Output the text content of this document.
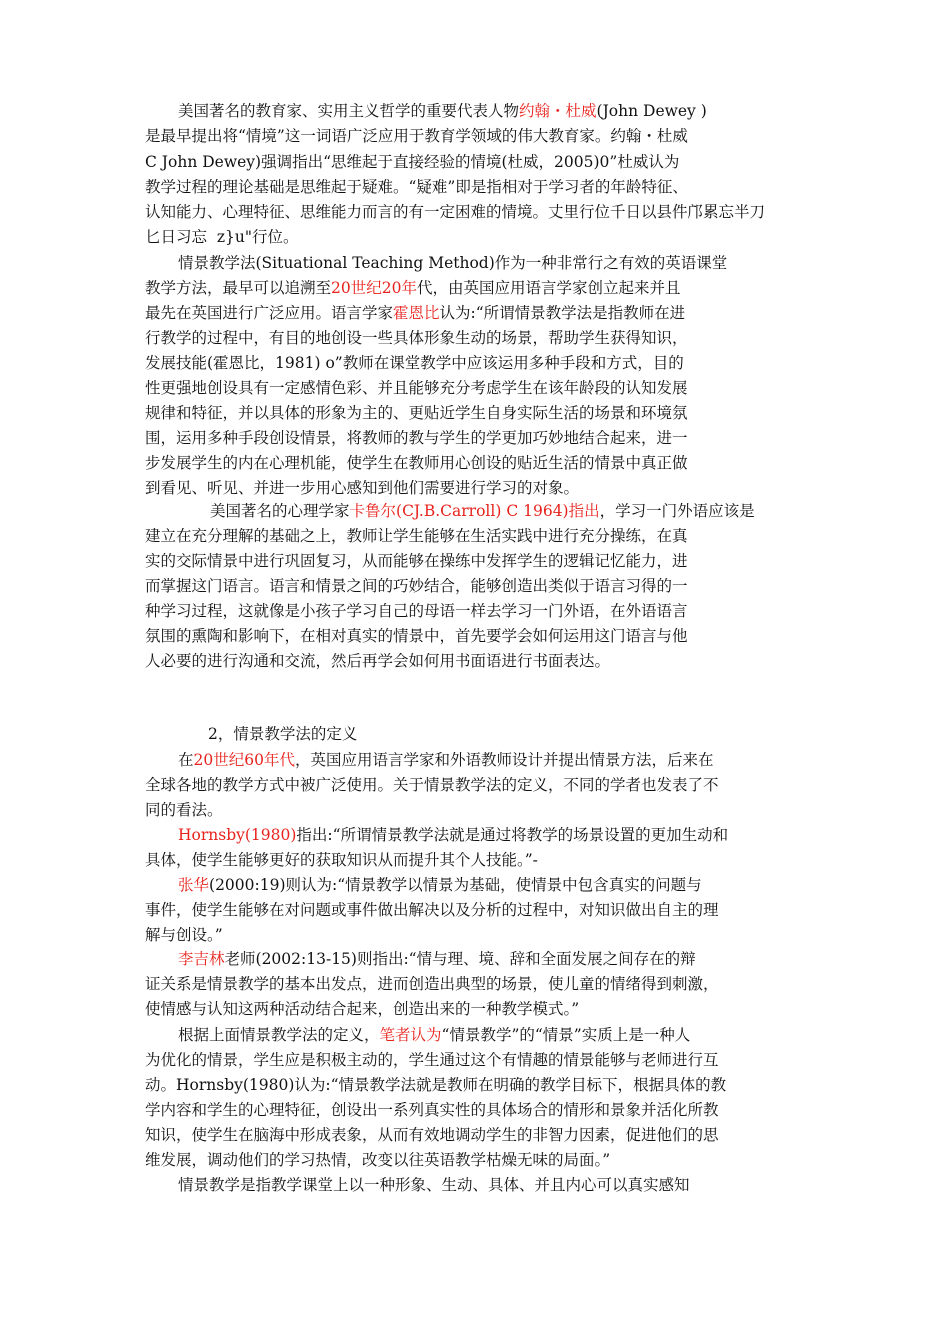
美国著名的教育家、实用主义哲学的重要代表人物约翰・杜威(John Dewey )
是最早提出将“情境”这一词语广泛应用于教育学领域的伟大教育家。约翰・杜威
C John Dewey)强调指出“思维起于直接经验的情境(杜威，2005)0”杜威认为
教学过程的理论基础是思维起于疑难。“疑难”即是指相对于学习者的年龄特征、
认知能力、心理特征、思维能力而言的有一定困难的情境。丈里行位千日以县件邝累忘半刀
匕日习忘  z}u"行位。
情景教学法(Situational Teaching Method)作为一种非常行之有效的英语课堂
教学方法，最早可以追溯至20世纪20年代，由英国应用语言学家创立起来并且
最先在英国进行广泛应用。语言学家霍恩比认为:“所谓情景教学法是指教师在进
行教学的过程中，有目的地创设一些具体形象生动的场景，帮助学生获得知识，
发展技能(霍恩比，1981) o”教师在课堂教学中应该运用多种手段和方式，目的
性更强地创设具有一定感情色彩、并且能够充分考虑学生在该年龄段的认知发展
规律和特征，并以具体的形象为主的、更贴近学生自身实际生活的场景和环境氛
围，运用多种手段创设情景，将教师的教与学生的学更加巧妙地结合起来，进一
步发展学生的内在心理机能，使学生在教师用心创设的贴近生活的情景中真正做
到看见、听见、并进一步用心感知到他们需要进行学习的对象。
美国著名的心理学家卡鲁尔(CJ.B.Carroll) C 1964)指出，学习一门外语应该是
建立在充分理解的基础之上，教师让学生能够在生活实践中进行充分操练，在真
实的交际情景中进行巩固复习，从而能够在操练中发挥学生的逻辑记忆能力，进
而掌握这门语言。语言和情景之间的巧妙结合，能够创造出类似于语言习得的一
种学习过程，这就像是小孩子学习自己的母语一样去学习一门外语，在外语语言
氛围的熏陶和影响下，在相对真实的情景中，首先要学会如何运用这门语言与他
人必要的进行沟通和交流，然后再学会如何用书面语进行书面表达。
2，情景教学法的定义
在20世纪60年代，英国应用语言学家和外语教师设计并提出情景方法，后来在
全球各地的教学方式中被广泛使用。关于情景教学法的定义，不同的学者也发表了不
同的看法。
Hornsby(1980)指出:“所谓情景教学法就是通过将教学的场景设置的更加生动和
具体，使学生能够更好的获取知识从而提升其个人技能。”-
张华(2000:19)则认为:“情景教学以情景为基础，使情景中包含真实的问题与
事件，使学生能够在对问题或事件做出解决以及分析的过程中，对知识做出自主的理
解与创设。”
李吉林老师(2002:13-15)则指出:“情与理、境、辞和全面发展之间存在的辩
证关系是情景教学的基本出发点，进而创造出典型的场景，使儿童的情绪得到刺激，
使情感与认知这两种活动结合起来，创造出来的一种教学模式。”
根据上面情景教学法的定义，笔者认为“情景教学”的“情景”实质上是一种人
为优化的情景，学生应是积极主动的，学生通过这个有情趣的情景能够与老师进行互
动。Hornsby(1980)认为:“情景教学法就是教师在明确的教学目标下，根据具体的教
学内容和学生的心理特征，创设出一系列真实性的具体场合的情形和景象并活化所教
知识，使学生在脑海中形成表象，从而有效地调动学生的非智力因素，促进他们的思
维发展，调动他们的学习热情，改变以往英语教学枯燥无味的局面。”
情景教学是指教学课堂上以一种形象、生动、具体、并且内心可以真实感知
